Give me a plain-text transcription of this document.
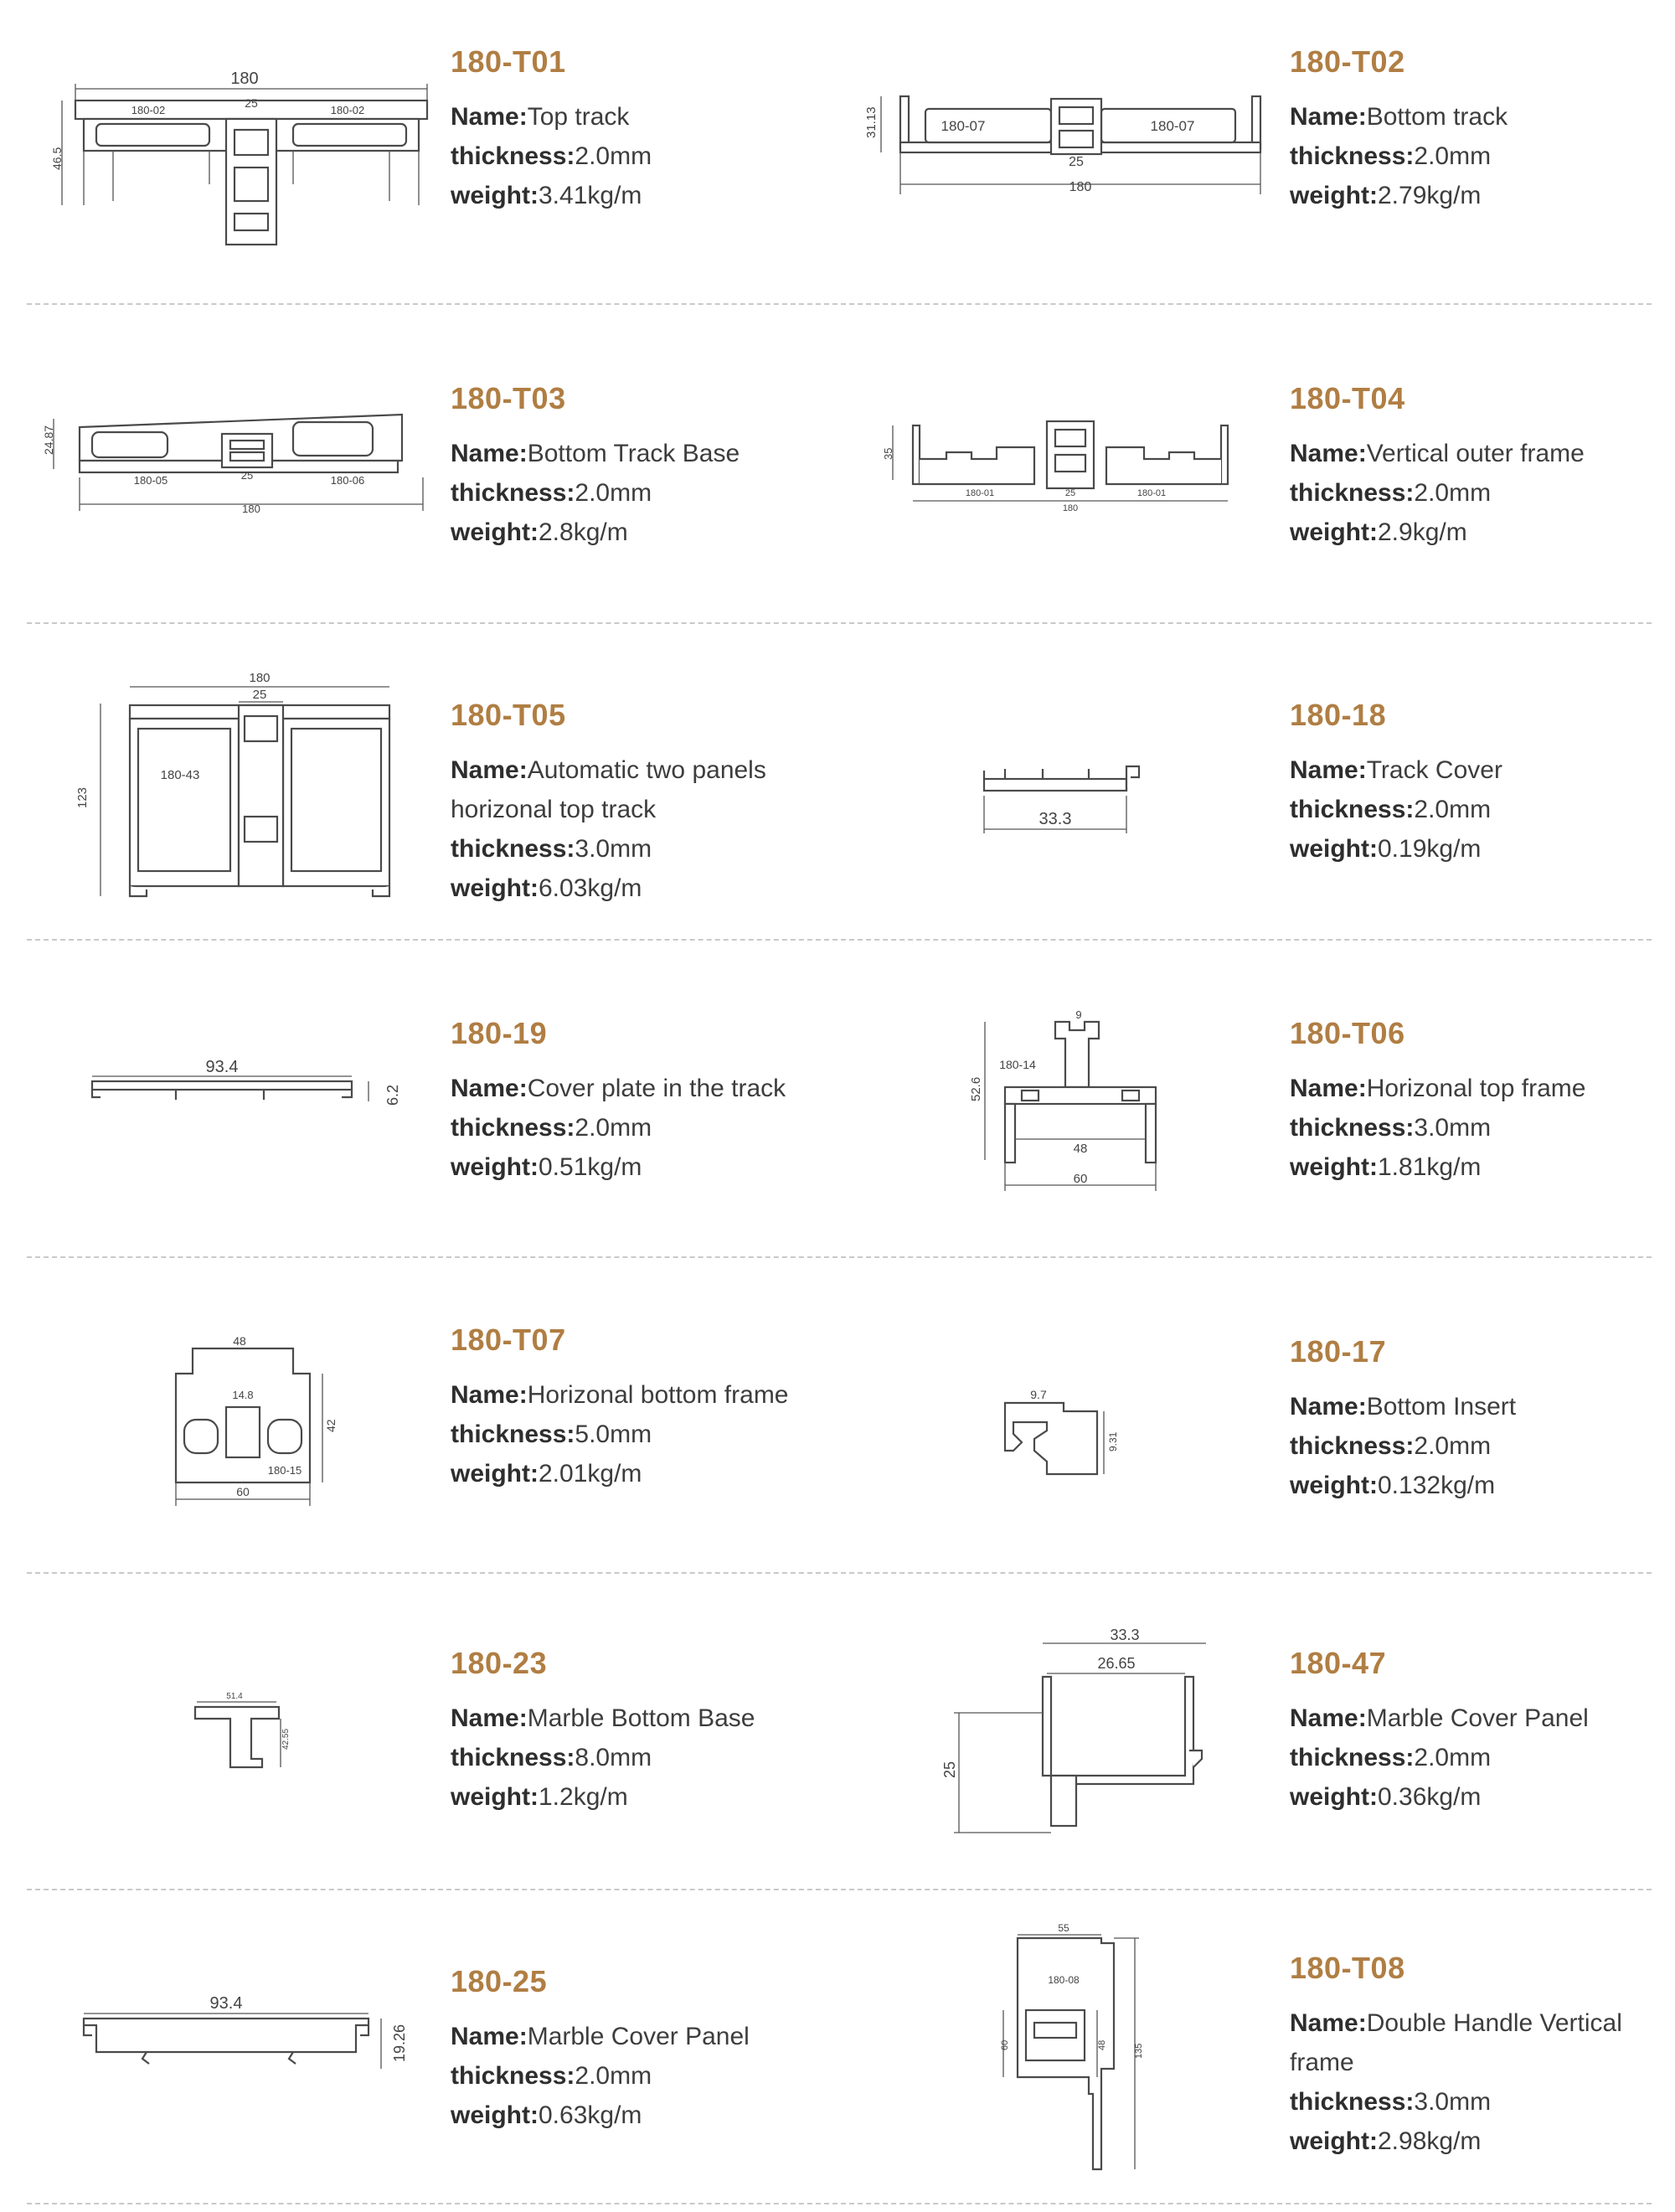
180
46.5
25
180-02	180-02
180-T01
Name:Top track
thickness:2.0mm
weight:3.41kg/m
31.13	180-07	180-07
25
180
180-T02
Name:Bottom track
thickness:2.0mm
weight:2.79kg/m
24.87
180-05	25	180-06
180
180-T03
Name:Bottom Track Base
thickness:2.0mm
weight:2.8kg/m
35
180-01	25	180-01
180
180-T04
Name:Vertical outer frame
thickness:2.0mm
weight:2.9kg/m
180
25
123
180-43
180-T05
Name:Automatic two panels horizonal top track
thickness:3.0mm
weight:6.03kg/m
33.3
180-18
Name:Track Cover
thickness:2.0mm
weight:0.19kg/m
93.4
6.2
180-19
Name:Cover plate in the track
thickness:2.0mm
weight:0.51kg/m
9
180-14
52.6
48
60
180-T06
Name:Horizonal top frame
thickness:3.0mm
weight:1.81kg/m
48
14.8
42
180-15
60
180-T07
Name:Horizonal bottom frame
thickness:5.0mm
weight:2.01kg/m
9.7
9.31
180-17
Name:Bottom Insert
thickness:2.0mm
weight:0.132kg/m
51.4
42.55
180-23
Name:Marble Bottom Base
thickness:8.0mm
weight:1.2kg/m
33.3
26.65
25
180-47
Name:Marble Cover Panel
thickness:2.0mm
weight:0.36kg/m
93.4
19.26
180-25
Name:Marble Cover Panel
thickness:2.0mm
weight:0.63kg/m
55
180-08
60	48	135
180-T08
Name:Double Handle Vertical frame
thickness:3.0mm
weight:2.98kg/m
